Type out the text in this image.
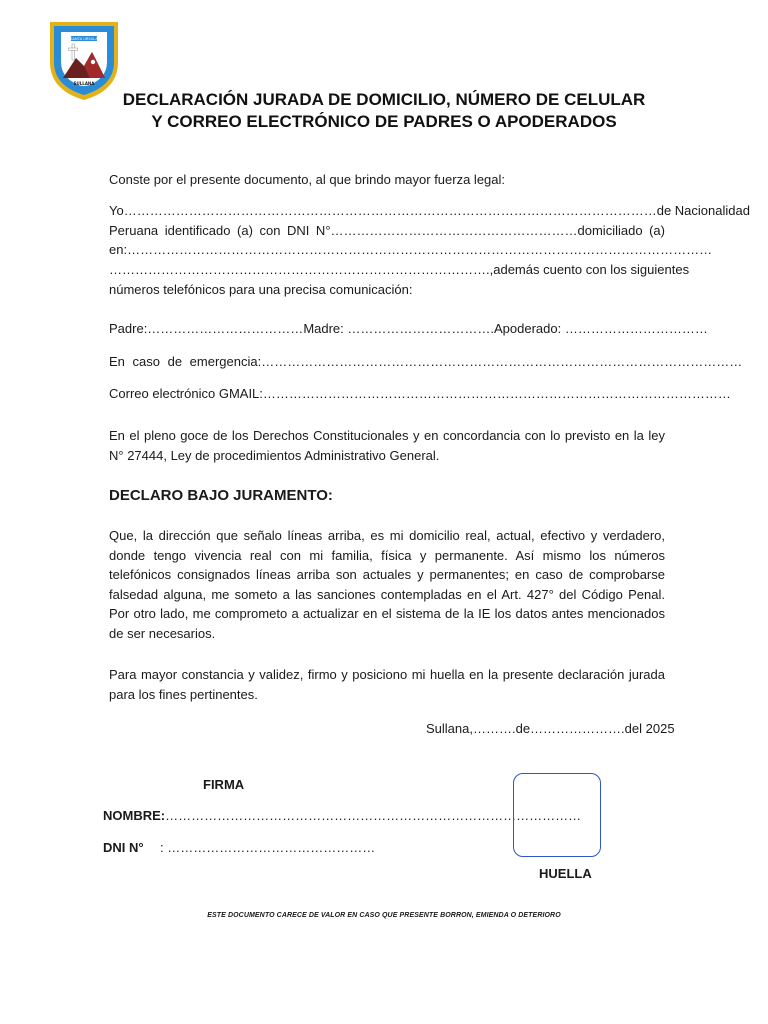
SANTA URSULA
SULLANA
DECLARACIÓN JURADA DE DOMICILIO, NÚMERO DE CELULAR
Y CORREO ELECTRÓNICO DE PADRES O APODERADOS
Conste por el presente documento, al que brindo mayor fuerza legal:
Yo…………………………………………………………………………………………………………… de Nacionalidad
Peruana identificado (a) con DNI N°…………………………………………………domiciliado (a)
en:………………………………………………………………………………………………………………………
……………………………………………………………………………., además cuento con los siguientes
números telefónicos para una precisa comunicación:
Padre:……………………………… Madre: ……………………………. Apoderado: ……………………………
En caso de emergencia: …………………………………………………………………………………………………
Correo electrónico GMAIL:………………………………………………………………………………………………
En el pleno goce de los Derechos Constitucionales y en concordancia con lo previsto en la ley N° 27444, Ley de procedimientos Administrativo General.
DECLARO BAJO JURAMENTO:
Que, la dirección que señalo líneas arriba, es mi domicilio real, actual, efectivo y verdadero, donde tengo vivencia real con mi familia, física y permanente. Así mismo los números telefónicos consignados líneas arriba son actuales y permanentes; en caso de comprobarse falsedad alguna, me someto a las sanciones contempladas en el Art. 427° del Código Penal. Por otro lado, me comprometo a actualizar en el sistema de la IE los datos antes mencionados de ser necesarios.
Para mayor constancia y validez, firmo y posiciono mi huella en la presente declaración jurada para los fines pertinentes.
Sullana,……….de………………….del 2025
FIRMA
NOMBRE:……………………………………………………………………………………
DNI N° : …………………………………………
HUELLA
ESTE DOCUMENTO CARECE DE VALOR EN CASO QUE PRESENTE BORRON, EMIENDA O DETERIORO
